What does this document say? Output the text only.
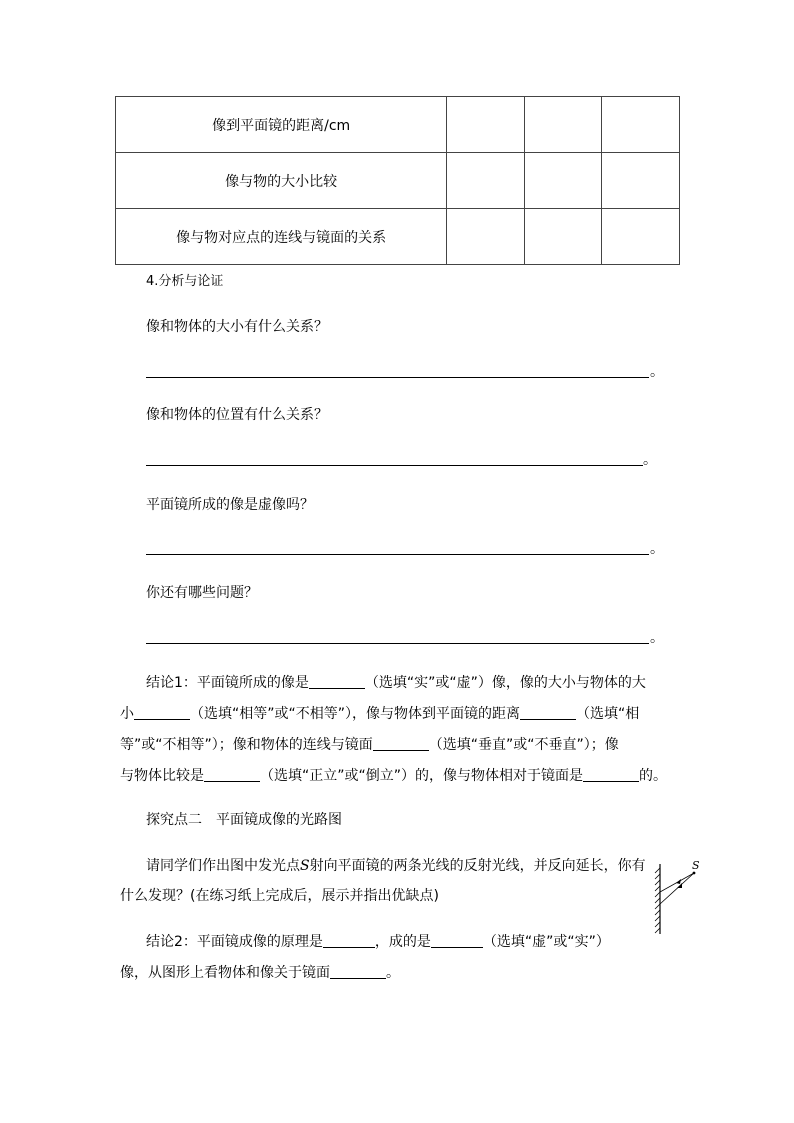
像到平面镜的距离/cm			
像与物的大小比较			
像与物对应点的连线与镜面的关系			
4.分析与论证
像和物体的大小有什么关系？
。
像和物体的位置有什么关系？
。
平面镜所成的像是虚像吗？
。
你还有哪些问题？
。
结论1：平面镜所成的像是	（选填“实”或“虚”）像，像的大小与物体的大
小	（选填“相等”或“不相等”），像与物体到平面镜的距离	（选填“相
等”或“不相等”）；像和物体的连线与镜面	（选填“垂直”或“不垂直”）；像
与物体比较是	（选填“正立”或“倒立”）的，像与物体相对于镜面是	的。
探究点二　平面镜成像的光路图
请同学们作出图中发光点S射向平面镜的两条光线的反射光线，并反向延长，你有
什么发现？(在练习纸上完成后，展示并指出优缺点)
S
结论2：平面镜成像的原理是	，成的是	（选填“虚”或“实”）
像，从图形上看物体和像关于镜面	。
